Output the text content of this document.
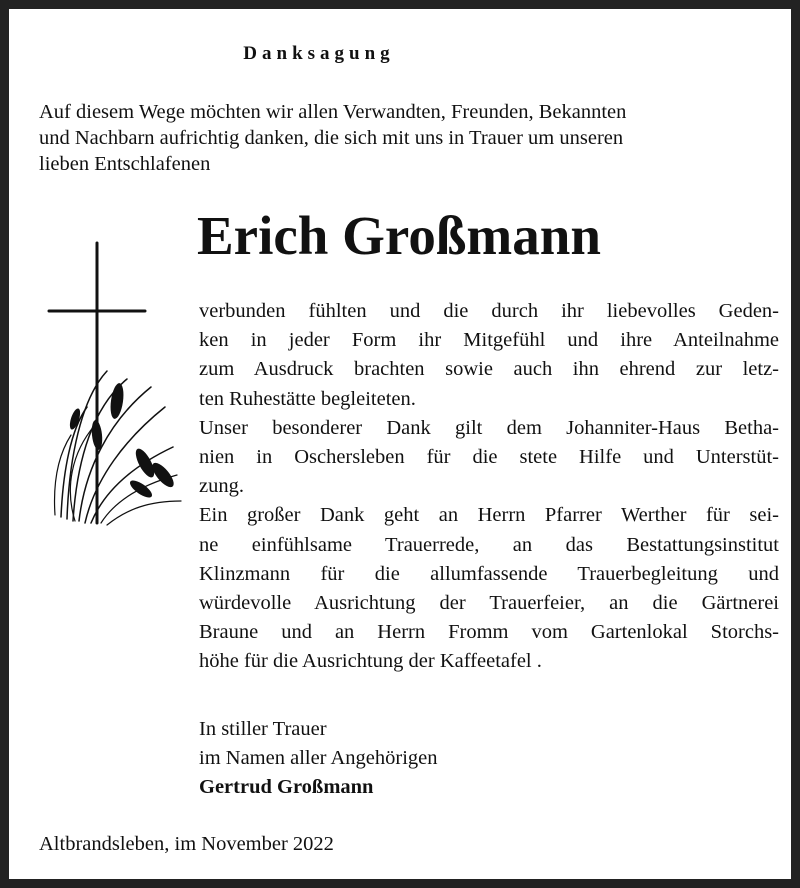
Danksagung
Auf diesem Wege möchten wir allen Verwandten, Freunden, Bekannten
und Nachbarn aufrichtig danken, die sich mit uns in Trauer um unseren
lieben Entschlafenen
Erich Großmann
verbunden fühlten und die durch ihr liebevolles Geden-
ken in jeder Form ihr Mitgefühl und ihre Anteilnahme
zum Ausdruck brachten sowie auch ihn ehrend zur letz-
ten Ruhestätte begleiteten.
Unser besonderer Dank gilt dem Johanniter-Haus Betha-
nien in Oschersleben für die stete Hilfe und Unterstüt-
zung.
Ein großer Dank geht an Herrn Pfarrer Werther für sei-
ne einfühlsame Trauerrede, an das Bestattungsinstitut
Klinzmann für die allumfassende Trauerbegleitung und
würdevolle Ausrichtung der Trauerfeier, an die Gärtnerei
Braune und an Herrn Fromm vom Gartenlokal Storchs-
höhe für die Ausrichtung der Kaffeetafel .
In stiller Trauer
im Namen aller Angehörigen
Gertrud Großmann
Altbrandsleben, im November 2022
